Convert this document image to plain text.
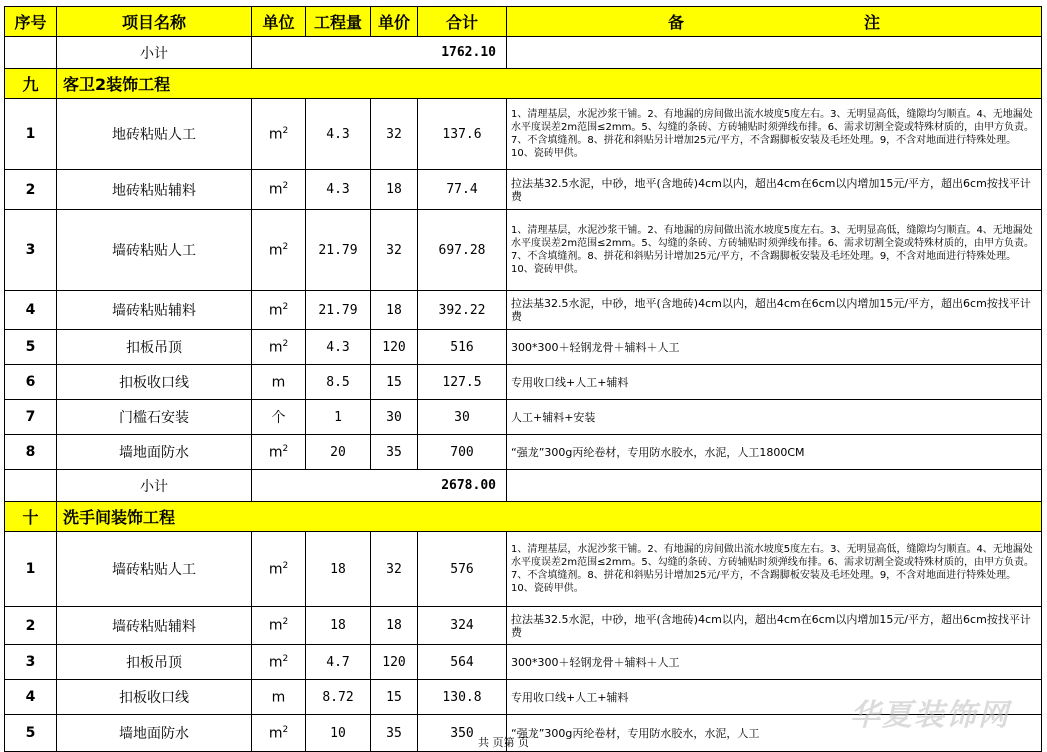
序号	项目名称	单位	工程量	单价	合计	备 注
	小计	1762.10				
九	客卫2装饰工程					
1	地砖粘贴人工	$m^2$	4.3	32	137.6	1、清理基层，水泥沙浆干铺。2、有地漏的房间做出流水坡度5度左右。3、无明显高低，缝隙均匀顺直。4、无地漏处水平度误差2m范围≤2mm。5、勾缝的条砖、方砖辅贴时须弹线布排。6、需求切割全瓷或特殊材质的，由甲方负责。7、不含填缝剂。8、拼花和斜贴另计增加25元/平方，不含踢脚板安装及毛坯处理。9，不含对地面进行特殊处理。10、瓷砖甲供。
2	地砖粘贴辅料	$m^2$	4.3	18	77.4	拉法基32.5水泥，中砂，地平(含地砖)4cm以内，超出4cm在6cm以内增加15元/平方，超出6cm按找平计费
3	墙砖粘贴人工	$m^2$	21.79	32	697.28	1、清理基层，水泥沙浆干铺。2、有地漏的房间做出流水坡度5度左右。3、无明显高低，缝隙均匀顺直。4、无地漏处水平度误差2m范围≤2mm。5、勾缝的条砖、方砖辅贴时须弹线布排。6、需求切割全瓷或特殊材质的，由甲方负责。7、不含填缝剂。8、拼花和斜贴另计增加25元/平方，不含踢脚板安装及毛坯处理。9，不含对地面进行特殊处理。10、瓷砖甲供。
4	墙砖粘贴辅料	$m^2$	21.79	18	392.22	拉法基32.5水泥，中砂，地平(含地砖)4cm以内，超出4cm在6cm以内增加15元/平方，超出6cm按找平计费
5	扣板吊顶	$m^2$	4.3	120	516	300*300＋轻钢龙骨＋辅料＋人工
6	扣板收口线	m	8.5	15	127.5	专用收口线+人工+辅料
7	门槛石安装	个	1	30	30	人工+辅料+安装
8	墙地面防水	$m^2$	20	35	700	“强龙”300g丙纶卷材，专用防水胶水，水泥，人工1800CM
	小计	2678.00				
十	洗手间装饰工程					
1	墙砖粘贴人工	$m^2$	18	32	576	1、清理基层，水泥沙浆干铺。2、有地漏的房间做出流水坡度5度左右。3、无明显高低，缝隙均匀顺直。4、无地漏处水平度误差2m范围≤2mm。5、勾缝的条砖、方砖辅贴时须弹线布排。6、需求切割全瓷或特殊材质的，由甲方负责。7、不含填缝剂。8、拼花和斜贴另计增加25元/平方，不含踢脚板安装及毛坯处理。9，不含对地面进行特殊处理。10、瓷砖甲供。
2	墙砖粘贴辅料	$m^2$	18	18	324	拉法基32.5水泥，中砂，地平(含地砖)4cm以内，超出4cm在6cm以内增加15元/平方，超出6cm按找平计费
3	扣板吊顶	$m^2$	4.7	120	564	300*300＋轻钢龙骨＋辅料＋人工
4	扣板收口线	m	8.72	15	130.8	专用收口线+人工+辅料
5	墙地面防水	$m^2$	10	35	350	“强龙”300g丙纶卷材，专用防水胶水，水泥，人工	华夏装饰网
共 页第 页
